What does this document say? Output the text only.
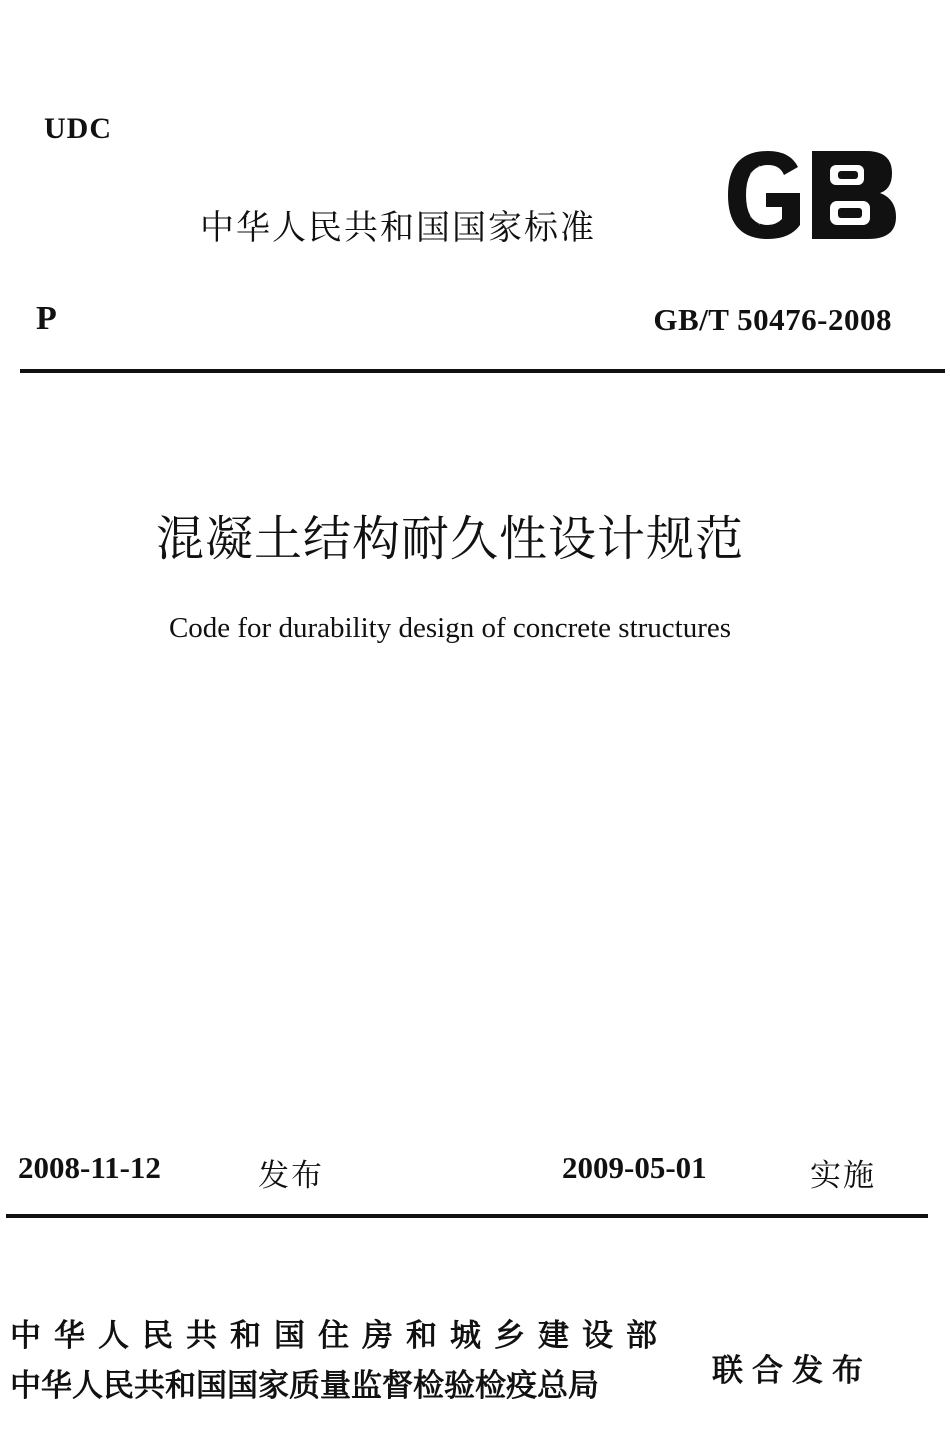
UDC
中华人民共和国国家标准
P	GB/T 50476-2008
混凝土结构耐久性设计规范
Code for durability design of concrete structures
2008-11-12	发布	2009-05-01	实施
中华人民共和国住房和城乡建设部
中华人民共和国国家质量监督检验检疫总局	联合发布
